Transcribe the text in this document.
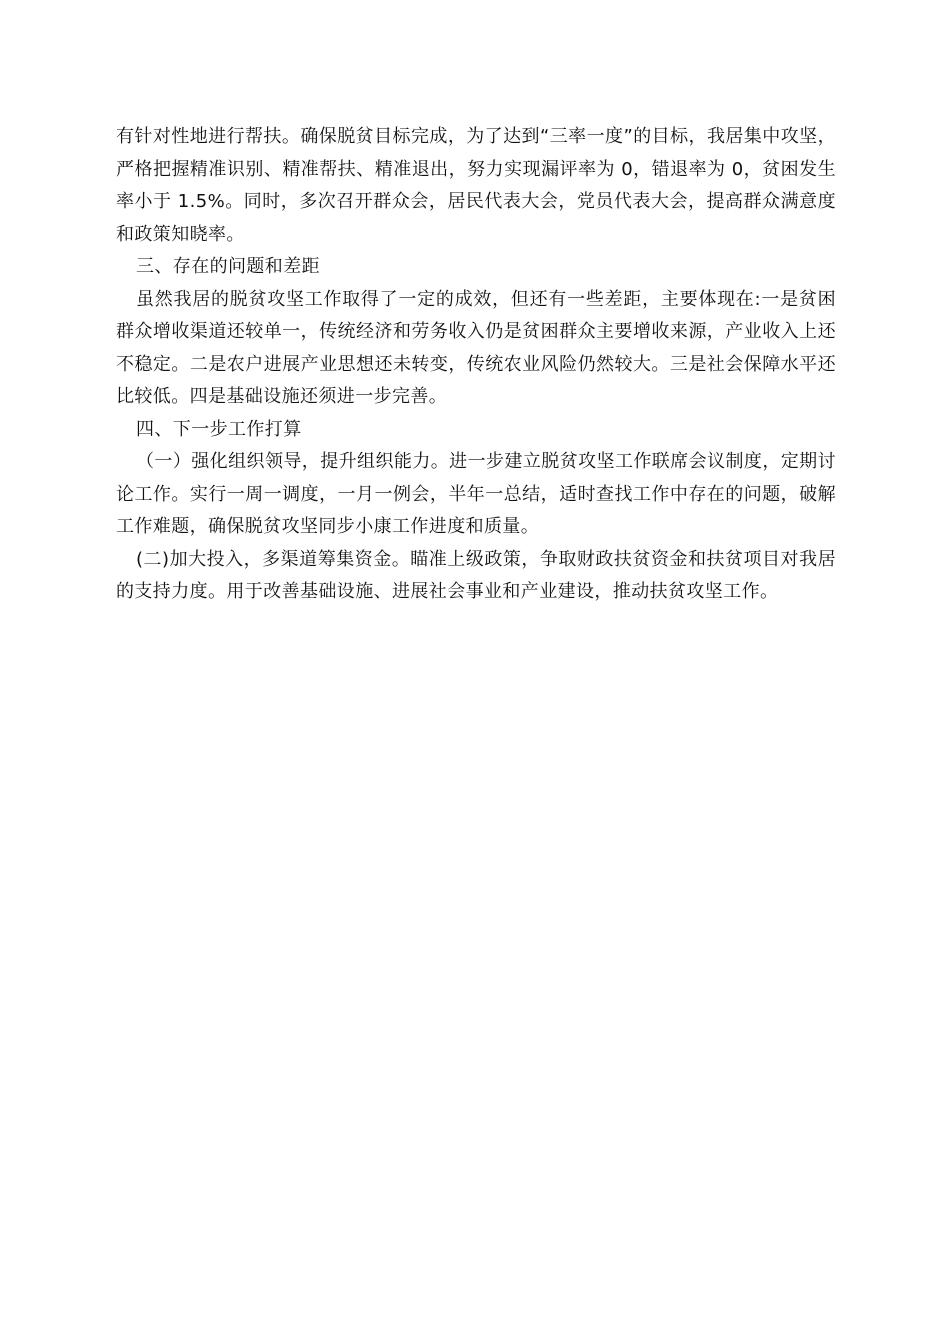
有针对性地进行帮扶。确保脱贫目标完成，为了达到“三率一度”的目标，我居集中攻坚，严格把握精准识别、精准帮扶、精准退出，努力实现漏评率为 0，错退率为 0，贫困发生率小于 1.5%。同时，多次召开群众会，居民代表大会，党员代表大会，提高群众满意度和政策知晓率。

三、存在的问题和差距

虽然我居的脱贫攻坚工作取得了一定的成效，但还有一些差距，主要体现在:一是贫困群众增收渠道还较单一，传统经济和劳务收入仍是贫困群众主要增收来源，产业收入上还不稳定。二是农户进展产业思想还未转变，传统农业风险仍然较大。三是社会保障水平还比较低。四是基础设施还须进一步完善。

四、下一步工作打算

（一）强化组织领导，提升组织能力。进一步建立脱贫攻坚工作联席会议制度，定期讨论工作。实行一周一调度，一月一例会，半年一总结，适时查找工作中存在的问题，破解工作难题，确保脱贫攻坚同步小康工作进度和质量。

(二)加大投入，多渠道筹集资金。瞄准上级政策，争取财政扶贫资金和扶贫项目对我居的支持力度。用于改善基础设施、进展社会事业和产业建设，推动扶贫攻坚工作。
